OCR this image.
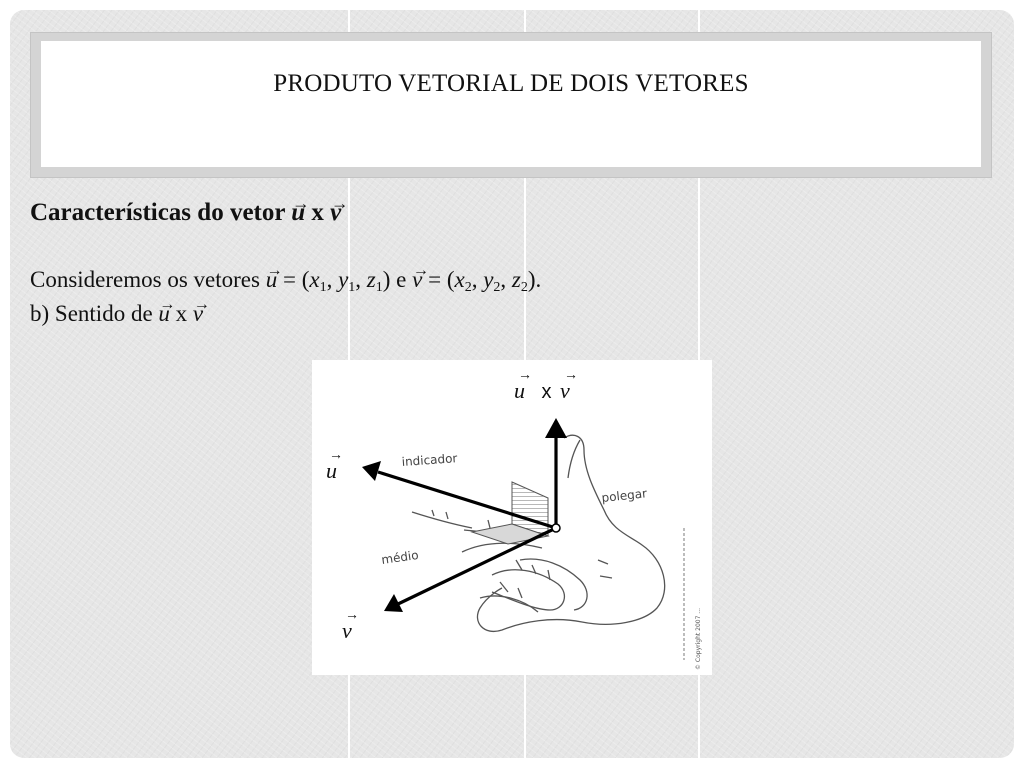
PRODUTO VETORIAL DE DOIS VETORES
Características do vetor → u x → v
Consideremos os vetores → $u = (x_1$, $y_1$, $z_1$) $e \to v = (x_2$, $y_2$, $z_2$).
b) Sentido de → u x → v
u
→
x v
→
u
→
v
→
indicador
polegar
médio
© Copyright 2007 ...
